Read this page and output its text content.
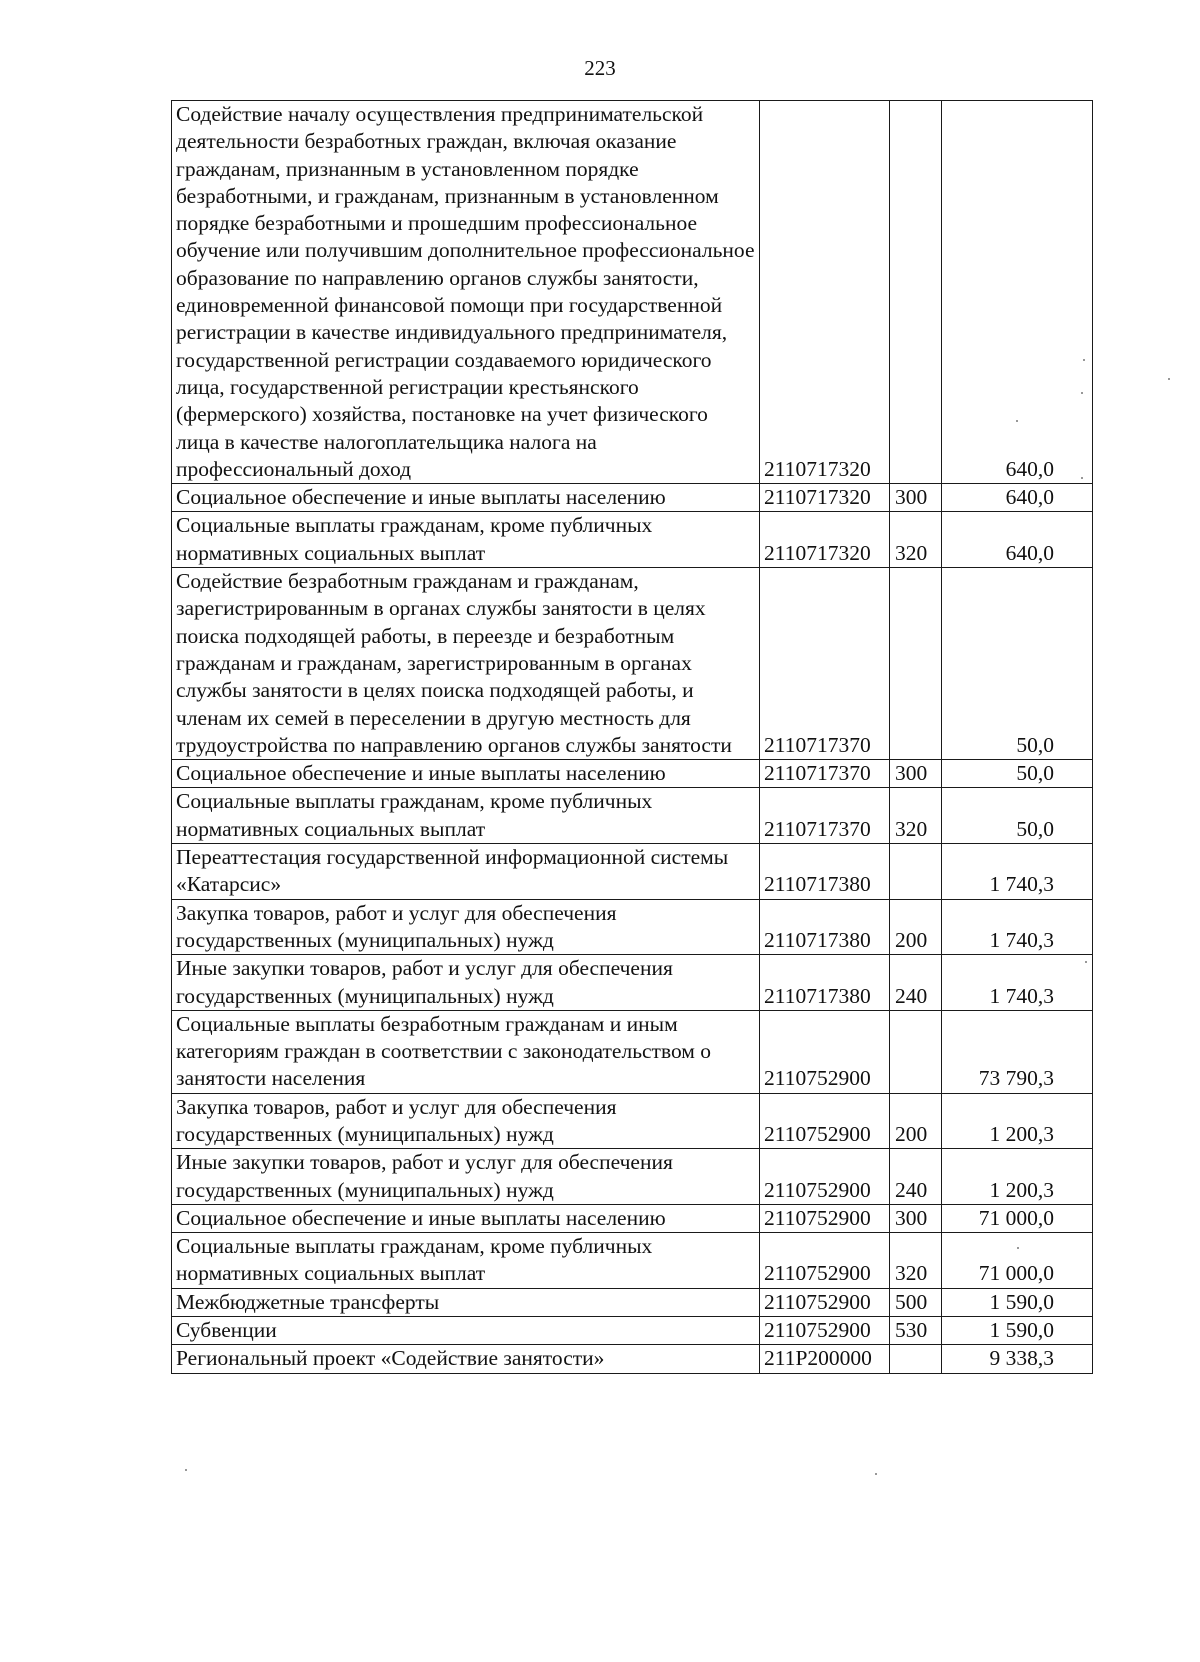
223
Содействие началу осуществления предпринимательской деятельности безработных граждан, включая оказание гражданам, признанным в установленном порядке безработными, и гражданам, признанным в установленном порядке безработными и прошедшим профессиональное обучение или получившим дополнительное профессиональное образование по направлению органов службы занятости, единовременной финансовой помощи при государственной регистрации в качестве индивидуального предпринимателя, государственной регистрации создаваемого юридического лица, государственной регистрации крестьянского (фермерского) хозяйства, постановке на учет физического лица в качестве налогоплательщика налога на профессиональный доход	2110717320		640,0
Социальное обеспечение и иные выплаты населению	2110717320	300	640,0
Социальные выплаты гражданам, кроме публичных нормативных социальных выплат	2110717320	320	640,0
Содействие безработным гражданам и гражданам, зарегистрированным в органах службы занятости в целях поиска подходящей работы, в переезде и безработным гражданам и гражданам, зарегистрированным в органах службы занятости в целях поиска подходящей работы, и членам их семей в переселении в другую местность для трудоустройства по направлению органов службы занятости	2110717370		50,0
Социальное обеспечение и иные выплаты населению	2110717370	300	50,0
Социальные выплаты гражданам, кроме публичных нормативных социальных выплат	2110717370	320	50,0
Переаттестация государственной информационной системы «Катарсис»	2110717380		1 740,3
Закупка товаров, работ и услуг для обеспечения государственных (муниципальных) нужд	2110717380	200	1 740,3
Иные закупки товаров, работ и услуг для обеспечения государственных (муниципальных) нужд	2110717380	240	1 740,3
Социальные выплаты безработным гражданам и иным категориям граждан в соответствии с законодательством о занятости населения	2110752900		73 790,3
Закупка товаров, работ и услуг для обеспечения государственных (муниципальных) нужд	2110752900	200	1 200,3
Иные закупки товаров, работ и услуг для обеспечения государственных (муниципальных) нужд	2110752900	240	1 200,3
Социальное обеспечение и иные выплаты населению	2110752900	300	71 000,0
Социальные выплаты гражданам, кроме публичных нормативных социальных выплат	2110752900	320	71 000,0
Межбюджетные трансферты	2110752900	500	1 590,0
Субвенции	2110752900	530	1 590,0
Региональный проект «Содействие занятости»	211P200000		9 338,3
